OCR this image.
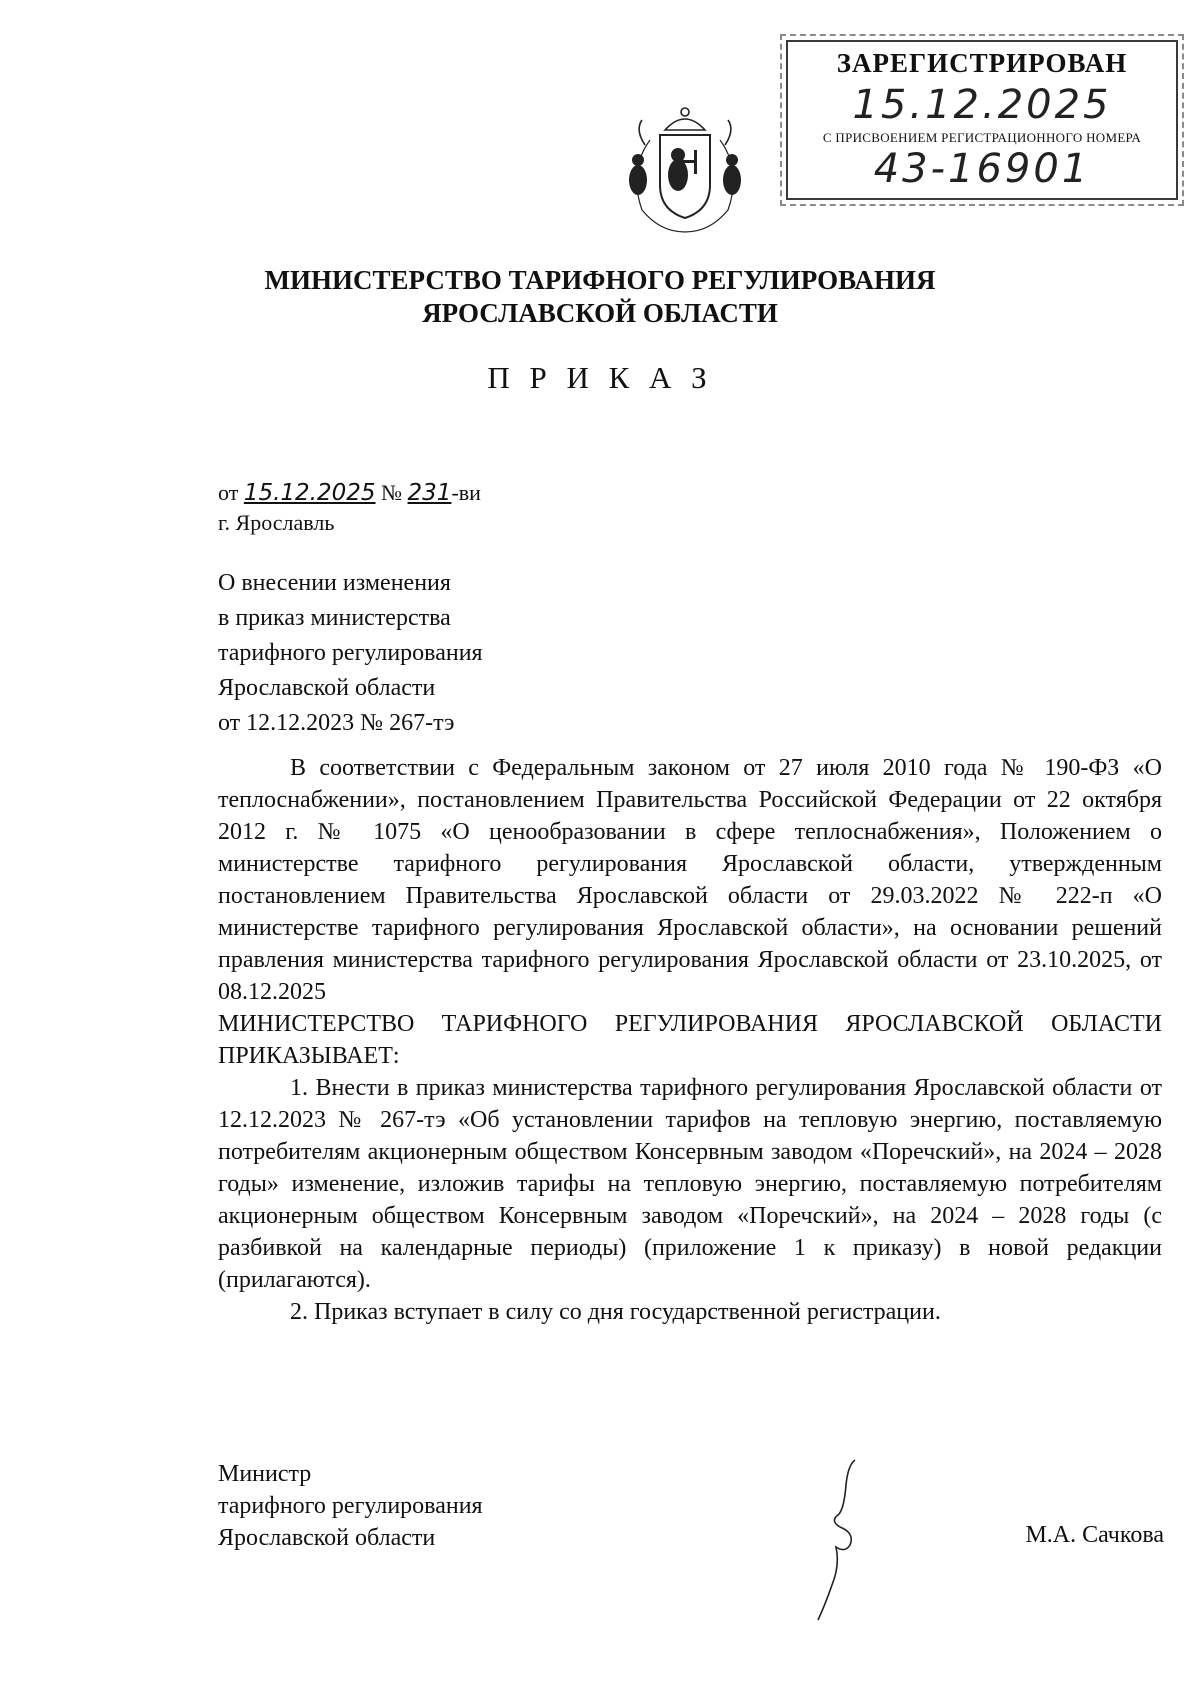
ЗАРЕГИСТРИРОВАН
15.12.2025
С ПРИСВОЕНИЕМ РЕГИСТРАЦИОННОГО НОМЕРА
43-16901
МИНИСТЕРСТВО ТАРИФНОГО РЕГУЛИРОВАНИЯ
ЯРОСЛАВСКОЙ ОБЛАСТИ
П Р И К А З
от 15.12.2025 № 231-ви
г. Ярославль
О внесении изменения
в приказ министерства
тарифного регулирования
Ярославской области
от 12.12.2023 № 267-тэ

В соответствии с Федеральным законом от 27 июля 2010 года № 190-ФЗ «О теплоснабжении», постановлением Правительства Российской Федерации от 22 октября 2012 г. № 1075 «О ценообразовании в сфере теплоснабжения», Положением о министерстве тарифного регулирования Ярославской области, утвержденным постановлением Правительства Ярославской области от 29.03.2022 № 222-п «О министерстве тарифного регулирования Ярославской области», на основании решений правления министерства тарифного регулирования Ярославской области от 23.10.2025, от 08.12.2025

МИНИСТЕРСТВО ТАРИФНОГО РЕГУЛИРОВАНИЯ ЯРОСЛАВСКОЙ ОБЛАСТИ ПРИКАЗЫВАЕТ:

1. Внести в приказ министерства тарифного регулирования Ярославской области от 12.12.2023 № 267-тэ «Об установлении тарифов на тепловую энергию, поставляемую потребителям акционерным обществом Консервным заводом «Поречский», на 2024 – 2028 годы» изменение, изложив тарифы на тепловую энергию, поставляемую потребителям акционерным обществом Консервным заводом «Поречский», на 2024 – 2028 годы (с разбивкой на календарные периоды) (приложение 1 к приказу) в новой редакции (прилагаются).

2. Приказ вступает в силу со дня государственной регистрации.

Министр
тарифного регулирования
Ярославской области	М.А. Сачкова
